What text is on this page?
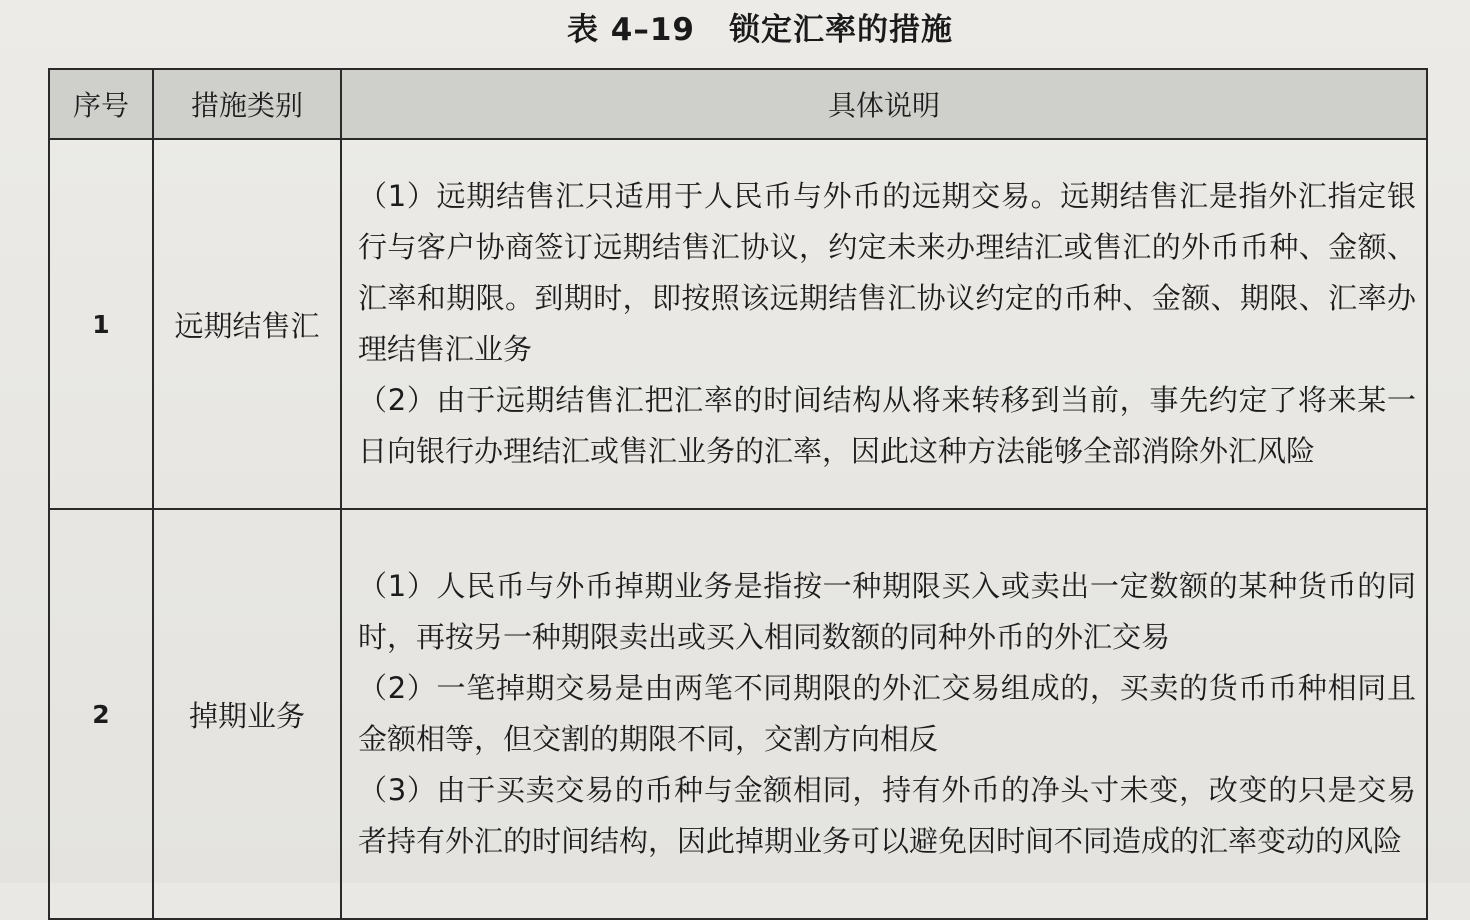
表 4–19 锁定汇率的措施
序号	措施类别	具体说明
1	远期结售汇	（1）远期结售汇只适用于人民币与外币的远期交易。远期结售汇是指外汇指定银行与客户协商签订远期结售汇协议，约定未来办理结汇或售汇的外币币种、金额、汇率和期限。到期时，即按照该远期结售汇协议约定的币种、金额、期限、汇率办理结售汇业务

（2）由于远期结售汇把汇率的时间结构从将来转移到当前，事先约定了将来某一日向银行办理结汇或售汇业务的汇率，因此这种方法能够全部消除外汇风险

2	掉期业务	（1）人民币与外币掉期业务是指按一种期限买入或卖出一定数额的某种货币的同时，再按另一种期限卖出或买入相同数额的同种外币的外汇交易

（2）一笔掉期交易是由两笔不同期限的外汇交易组成的，买卖的货币币种相同且金额相等，但交割的期限不同，交割方向相反

（3）由于买卖交易的币种与金额相同，持有外币的净头寸未变，改变的只是交易者持有外汇的时间结构，因此掉期业务可以避免因时间不同造成的汇率变动的风险
